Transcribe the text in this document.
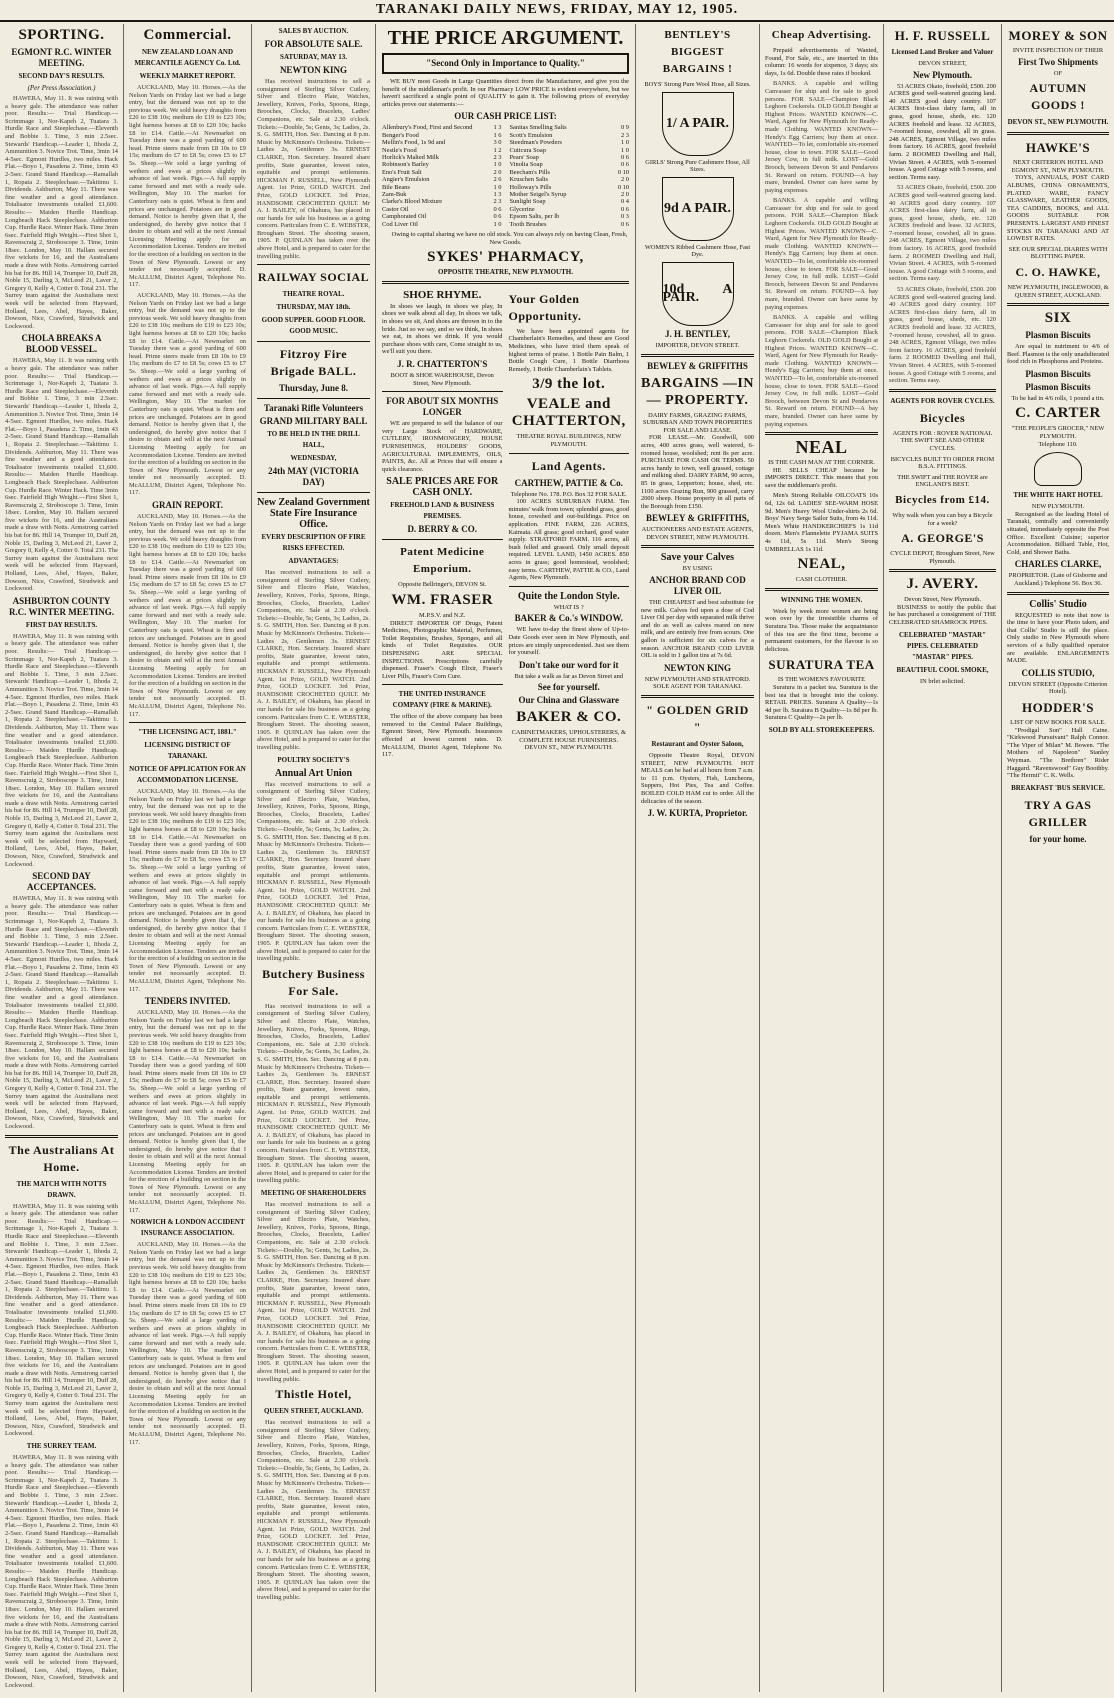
TARANAKI DAILY NEWS, FRIDAY, MAY 12, 1905.
SPORTING.
EGMONT R.C. WINTER MEETING.
SECOND DAY'S RESULTS.
(Per Press Association.)
HAWERA, May 11. It was raining with a heavy gale. The attendance was rather poor. Results:— Trial Handicap.—Scrimmage 1, Nor-Kapeh 2, Tuatara 3. Hurdle Race and Steeplechase.—Eleventh and Bobbie 1. Time, 3 min 2.5sec. Stewards' Handicap.—Leader 1, Ithoda 2, Ammunition 3. Novice Trot. Time, 3min 14 4-5sec. Egmont Hurdles, two miles. Hack Flat.—Boyo 1, Pasadena 2. Time, 1min 43 2-5sec. Grand Stand Handicap.—Ramallah 1, Ropata 2. Steeplechase.—Takitimu 1. Dividends. Ashburton, May 11. There was fine weather and a good attendance. Totalisator investments totalled £1,600. Results:— Maiden Hurdle Handicap. Longbeach Hack Steeplechase. Ashburton Cup. Hurdle Race. Winter Hack. Time 3min 6sec. Fairfield High Weight.—First Shot 1, Ravenscraig 2, Stroboscope 3. Time, 1min 18sec. London, May 10. Hallam secured five wickets for 16, and the Australians made a draw with Notts. Armstrong carried his bat for 86. Hill 14, Trumper 10, Duff 28, Noble 15, Darling 3, McLeod 21, Laver 2, Gregory 0, Kelly 4, Cotter 0. Total 231. The Surrey team against the Australians next week will be selected from Hayward, Holland, Lees, Abel, Hayes, Baker, Dowson, Nice, Crawford, Strudwick and Lockwood.
CHOLA BREAKS A BLOOD VESSEL.
HAWERA, May 11. It was raining with a heavy gale. The attendance was rather poor. Results:— Trial Handicap.—Scrimmage 1, Nor-Kapeh 2, Tuatara 3. Hurdle Race and Steeplechase.—Eleventh and Bobbie 1. Time, 3 min 2.5sec. Stewards' Handicap.—Leader 1, Ithoda 2, Ammunition 3. Novice Trot. Time, 3min 14 4-5sec. Egmont Hurdles, two miles. Hack Flat.—Boyo 1, Pasadena 2. Time, 1min 43 2-5sec. Grand Stand Handicap.—Ramallah 1, Ropata 2. Steeplechase.—Takitimu 1. Dividends. Ashburton, May 11. There was fine weather and a good attendance. Totalisator investments totalled £1,600. Results:— Maiden Hurdle Handicap. Longbeach Hack Steeplechase. Ashburton Cup. Hurdle Race. Winter Hack. Time 3min 6sec. Fairfield High Weight.—First Shot 1, Ravenscraig 2, Stroboscope 3. Time, 1min 18sec. London, May 10. Hallam secured five wickets for 16, and the Australians made a draw with Notts. Armstrong carried his bat for 86. Hill 14, Trumper 10, Duff 28, Noble 15, Darling 3, McLeod 21, Laver 2, Gregory 0, Kelly 4, Cotter 0. Total 231. The Surrey team against the Australians next week will be selected from Hayward, Holland, Lees, Abel, Hayes, Baker, Dowson, Nice, Crawford, Strudwick and Lockwood.
ASHBURTON COUNTY R.C. WINTER MEETING.
FIRST DAY RESULTS.
HAWERA, May 11. It was raining with a heavy gale. The attendance was rather poor. Results:— Trial Handicap.—Scrimmage 1, Nor-Kapeh 2, Tuatara 3. Hurdle Race and Steeplechase.—Eleventh and Bobbie 1. Time, 3 min 2.5sec. Stewards' Handicap.—Leader 1, Ithoda 2, Ammunition 3. Novice Trot. Time, 3min 14 4-5sec. Egmont Hurdles, two miles. Hack Flat.—Boyo 1, Pasadena 2. Time, 1min 43 2-5sec. Grand Stand Handicap.—Ramallah 1, Ropata 2. Steeplechase.—Takitimu 1. Dividends. Ashburton, May 11. There was fine weather and a good attendance. Totalisator investments totalled £1,600. Results:— Maiden Hurdle Handicap. Longbeach Hack Steeplechase. Ashburton Cup. Hurdle Race. Winter Hack. Time 3min 6sec. Fairfield High Weight.—First Shot 1, Ravenscraig 2, Stroboscope 3. Time, 1min 18sec. London, May 10. Hallam secured five wickets for 16, and the Australians made a draw with Notts. Armstrong carried his bat for 86. Hill 14, Trumper 10, Duff 28, Noble 15, Darling 3, McLeod 21, Laver 2, Gregory 0, Kelly 4, Cotter 0. Total 231. The Surrey team against the Australians next week will be selected from Hayward, Holland, Lees, Abel, Hayes, Baker, Dowson, Nice, Crawford, Strudwick and Lockwood.
SECOND DAY ACCEPTANCES.
HAWERA, May 11. It was raining with a heavy gale. The attendance was rather poor. Results:— Trial Handicap.—Scrimmage 1, Nor-Kapeh 2, Tuatara 3. Hurdle Race and Steeplechase.—Eleventh and Bobbie 1. Time, 3 min 2.5sec. Stewards' Handicap.—Leader 1, Ithoda 2, Ammunition 3. Novice Trot. Time, 3min 14 4-5sec. Egmont Hurdles, two miles. Hack Flat.—Boyo 1, Pasadena 2. Time, 1min 43 2-5sec. Grand Stand Handicap.—Ramallah 1, Ropata 2. Steeplechase.—Takitimu 1. Dividends. Ashburton, May 11. There was fine weather and a good attendance. Totalisator investments totalled £1,600. Results:— Maiden Hurdle Handicap. Longbeach Hack Steeplechase. Ashburton Cup. Hurdle Race. Winter Hack. Time 3min 6sec. Fairfield High Weight.—First Shot 1, Ravenscraig 2, Stroboscope 3. Time, 1min 18sec. London, May 10. Hallam secured five wickets for 16, and the Australians made a draw with Notts. Armstrong carried his bat for 86. Hill 14, Trumper 10, Duff 28, Noble 15, Darling 3, McLeod 21, Laver 2, Gregory 0, Kelly 4, Cotter 0. Total 231. The Surrey team against the Australians next week will be selected from Hayward, Holland, Lees, Abel, Hayes, Baker, Dowson, Nice, Crawford, Strudwick and Lockwood.
The Australians At Home.
THE MATCH WITH NOTTS DRAWN.
HAWERA, May 11. It was raining with a heavy gale. The attendance was rather poor. Results:— Trial Handicap.—Scrimmage 1, Nor-Kapeh 2, Tuatara 3. Hurdle Race and Steeplechase.—Eleventh and Bobbie 1. Time, 3 min 2.5sec. Stewards' Handicap.—Leader 1, Ithoda 2, Ammunition 3. Novice Trot. Time, 3min 14 4-5sec. Egmont Hurdles, two miles. Hack Flat.—Boyo 1, Pasadena 2. Time, 1min 43 2-5sec. Grand Stand Handicap.—Ramallah 1, Ropata 2. Steeplechase.—Takitimu 1. Dividends. Ashburton, May 11. There was fine weather and a good attendance. Totalisator investments totalled £1,600. Results:— Maiden Hurdle Handicap. Longbeach Hack Steeplechase. Ashburton Cup. Hurdle Race. Winter Hack. Time 3min 6sec. Fairfield High Weight.—First Shot 1, Ravenscraig 2, Stroboscope 3. Time, 1min 18sec. London, May 10. Hallam secured five wickets for 16, and the Australians made a draw with Notts. Armstrong carried his bat for 86. Hill 14, Trumper 10, Duff 28, Noble 15, Darling 3, McLeod 21, Laver 2, Gregory 0, Kelly 4, Cotter 0. Total 231. The Surrey team against the Australians next week will be selected from Hayward, Holland, Lees, Abel, Hayes, Baker, Dowson, Nice, Crawford, Strudwick and Lockwood.
THE SURREY TEAM.
HAWERA, May 11. It was raining with a heavy gale. The attendance was rather poor. Results:— Trial Handicap.—Scrimmage 1, Nor-Kapeh 2, Tuatara 3. Hurdle Race and Steeplechase.—Eleventh and Bobbie 1. Time, 3 min 2.5sec. Stewards' Handicap.—Leader 1, Ithoda 2, Ammunition 3. Novice Trot. Time, 3min 14 4-5sec. Egmont Hurdles, two miles. Hack Flat.—Boyo 1, Pasadena 2. Time, 1min 43 2-5sec. Grand Stand Handicap.—Ramallah 1, Ropata 2. Steeplechase.—Takitimu 1. Dividends. Ashburton, May 11. There was fine weather and a good attendance. Totalisator investments totalled £1,600. Results:— Maiden Hurdle Handicap. Longbeach Hack Steeplechase. Ashburton Cup. Hurdle Race. Winter Hack. Time 3min 6sec. Fairfield High Weight.—First Shot 1, Ravenscraig 2, Stroboscope 3. Time, 1min 18sec. London, May 10. Hallam secured five wickets for 16, and the Australians made a draw with Notts. Armstrong carried his bat for 86. Hill 14, Trumper 10, Duff 28, Noble 15, Darling 3, McLeod 21, Laver 2, Gregory 0, Kelly 4, Cotter 0. Total 231. The Surrey team against the Australians next week will be selected from Hayward, Holland, Lees, Abel, Hayes, Baker, Dowson, Nice, Crawford, Strudwick and Lockwood.
Commercial.
NEW ZEALAND LOAN AND MERCANTILE AGENCY Co. Ltd.
WEEKLY MARKET REPORT.
AUCKLAND, May 10. Horses.—As the Nelson Yards on Friday last we had a large entry, but the demand was not up to the previous week. We sold heavy draughts from £20 to £38 10s; medium do £19 to £23 10s; light harness horses at £8 to £20 10s; hacks £8 to £14. Cattle.—At Newmarket on Tuesday there was a good yarding of 600 head. Prime steers made from £8 10s to £9 15s; medium do £7 to £8 5s; cows £5 to £7 5s. Sheep.—We sold a large yarding of wethers and ewes at prices slightly in advance of last week. Pigs.—A full supply came forward and met with a ready sale. Wellington, May 10. The market for Canterbury oats is quiet. Wheat is firm and prices are unchanged. Potatoes are in good demand. Notice is hereby given that I, the undersigned, do hereby give notice that I desire to obtain and will at the next Annual Licensing Meeting apply for an Accommodation License. Tenders are invited for the erection of a building on section in the Town of New Plymouth. Lowest or any tender not necessarily accepted. D. McALLUM, District Agent, Telephone No. 117.
AUCKLAND, May 10. Horses.—As the Nelson Yards on Friday last we had a large entry, but the demand was not up to the previous week. We sold heavy draughts from £20 to £38 10s; medium do £19 to £23 10s; light harness horses at £8 to £20 10s; hacks £8 to £14. Cattle.—At Newmarket on Tuesday there was a good yarding of 600 head. Prime steers made from £8 10s to £9 15s; medium do £7 to £8 5s; cows £5 to £7 5s. Sheep.—We sold a large yarding of wethers and ewes at prices slightly in advance of last week. Pigs.—A full supply came forward and met with a ready sale. Wellington, May 10. The market for Canterbury oats is quiet. Wheat is firm and prices are unchanged. Potatoes are in good demand. Notice is hereby given that I, the undersigned, do hereby give notice that I desire to obtain and will at the next Annual Licensing Meeting apply for an Accommodation License. Tenders are invited for the erection of a building on section in the Town of New Plymouth. Lowest or any tender not necessarily accepted. D. McALLUM, District Agent, Telephone No. 117.
GRAIN REPORT.
AUCKLAND, May 10. Horses.—As the Nelson Yards on Friday last we had a large entry, but the demand was not up to the previous week. We sold heavy draughts from £20 to £38 10s; medium do £19 to £23 10s; light harness horses at £8 to £20 10s; hacks £8 to £14. Cattle.—At Newmarket on Tuesday there was a good yarding of 600 head. Prime steers made from £8 10s to £9 15s; medium do £7 to £8 5s; cows £5 to £7 5s. Sheep.—We sold a large yarding of wethers and ewes at prices slightly in advance of last week. Pigs.—A full supply came forward and met with a ready sale. Wellington, May 10. The market for Canterbury oats is quiet. Wheat is firm and prices are unchanged. Potatoes are in good demand. Notice is hereby given that I, the undersigned, do hereby give notice that I desire to obtain and will at the next Annual Licensing Meeting apply for an Accommodation License. Tenders are invited for the erection of a building on section in the Town of New Plymouth. Lowest or any tender not necessarily accepted. D. McALLUM, District Agent, Telephone No. 117.
"THE LICENSING ACT, 1881."
LICENSING DISTRICT OF TARANAKI.
NOTICE OF APPLICATION FOR AN ACCOMMODATION LICENSE.
AUCKLAND, May 10. Horses.—As the Nelson Yards on Friday last we had a large entry, but the demand was not up to the previous week. We sold heavy draughts from £20 to £38 10s; medium do £19 to £23 10s; light harness horses at £8 to £20 10s; hacks £8 to £14. Cattle.—At Newmarket on Tuesday there was a good yarding of 600 head. Prime steers made from £8 10s to £9 15s; medium do £7 to £8 5s; cows £5 to £7 5s. Sheep.—We sold a large yarding of wethers and ewes at prices slightly in advance of last week. Pigs.—A full supply came forward and met with a ready sale. Wellington, May 10. The market for Canterbury oats is quiet. Wheat is firm and prices are unchanged. Potatoes are in good demand. Notice is hereby given that I, the undersigned, do hereby give notice that I desire to obtain and will at the next Annual Licensing Meeting apply for an Accommodation License. Tenders are invited for the erection of a building on section in the Town of New Plymouth. Lowest or any tender not necessarily accepted. D. McALLUM, District Agent, Telephone No. 117.
TENDERS INVITED.
AUCKLAND, May 10. Horses.—As the Nelson Yards on Friday last we had a large entry, but the demand was not up to the previous week. We sold heavy draughts from £20 to £38 10s; medium do £19 to £23 10s; light harness horses at £8 to £20 10s; hacks £8 to £14. Cattle.—At Newmarket on Tuesday there was a good yarding of 600 head. Prime steers made from £8 10s to £9 15s; medium do £7 to £8 5s; cows £5 to £7 5s. Sheep.—We sold a large yarding of wethers and ewes at prices slightly in advance of last week. Pigs.—A full supply came forward and met with a ready sale. Wellington, May 10. The market for Canterbury oats is quiet. Wheat is firm and prices are unchanged. Potatoes are in good demand. Notice is hereby given that I, the undersigned, do hereby give notice that I desire to obtain and will at the next Annual Licensing Meeting apply for an Accommodation License. Tenders are invited for the erection of a building on section in the Town of New Plymouth. Lowest or any tender not necessarily accepted. D. McALLUM, District Agent, Telephone No. 117.
NORWICH & LONDON ACCIDENT INSURANCE ASSOCIATION.
AUCKLAND, May 10. Horses.—As the Nelson Yards on Friday last we had a large entry, but the demand was not up to the previous week. We sold heavy draughts from £20 to £38 10s; medium do £19 to £23 10s; light harness horses at £8 to £20 10s; hacks £8 to £14. Cattle.—At Newmarket on Tuesday there was a good yarding of 600 head. Prime steers made from £8 10s to £9 15s; medium do £7 to £8 5s; cows £5 to £7 5s. Sheep.—We sold a large yarding of wethers and ewes at prices slightly in advance of last week. Pigs.—A full supply came forward and met with a ready sale. Wellington, May 10. The market for Canterbury oats is quiet. Wheat is firm and prices are unchanged. Potatoes are in good demand. Notice is hereby given that I, the undersigned, do hereby give notice that I desire to obtain and will at the next Annual Licensing Meeting apply for an Accommodation License. Tenders are invited for the erection of a building on section in the Town of New Plymouth. Lowest or any tender not necessarily accepted. D. McALLUM, District Agent, Telephone No. 117.
SALES BY AUCTION.
FOR ABSOLUTE SALE.
SATURDAY, MAY 13.
NEWTON KING
Has received instructions to sell a consignment of Sterling Silver Cutlery, Silver and Electro Plate, Watches, Jewellery, Knives, Forks, Spoons, Rings, Brooches, Clocks, Bracelets, Ladies' Companions, etc. Sale at 2.30 o'clock. Tickets:—Double, 5s; Gents, 3s; Ladies, 2s. S. G. SMITH, Hon. Sec. Dancing at 8 p.m. Music by McKinnon's Orchestra. Tickets—Ladies 2s, Gentlemen 3s. ERNEST CLARKE, Hon. Secretary. Insured share profits, State guarantee, lowest rates, equitable and prompt settlements. HICKMAN F. RUSSELL, New Plymouth Agent. 1st Prize, GOLD WATCH. 2nd Prize, GOLD LOCKET. 3rd Prize, HANDSOME CROCHETED QUILT. Mr A. J. BAILEY, of Okahura, has placed in our hands for sale his business as a going concern. Particulars from C. E. WEBSTER, Brougham Street. The shooting season, 1905. P. QUINLAN has taken over the above Hotel, and is prepared to cater for the travelling public.
RAILWAY SOCIAL
THEATRE ROYAL.
THURSDAY, MAY 18th.
GOOD SUPPER. GOOD FLOOR. GOOD MUSIC.
Fitzroy Fire Brigade BALL.
Thursday, June 8.
Taranaki Rifle Volunteers
GRAND MILITARY BALL
TO BE HELD IN THE DRILL HALL,
WEDNESDAY,
24th MAY (VICTORIA DAY)
New Zealand Government State Fire Insurance Office.
EVERY DESCRIPTION OF FIRE RISKS EFFECTED.
ADVANTAGES:
Has received instructions to sell a consignment of Sterling Silver Cutlery, Silver and Electro Plate, Watches, Jewellery, Knives, Forks, Spoons, Rings, Brooches, Clocks, Bracelets, Ladies' Companions, etc. Sale at 2.30 o'clock. Tickets:—Double, 5s; Gents, 3s; Ladies, 2s. S. G. SMITH, Hon. Sec. Dancing at 8 p.m. Music by McKinnon's Orchestra. Tickets—Ladies 2s, Gentlemen 3s. ERNEST CLARKE, Hon. Secretary. Insured share profits, State guarantee, lowest rates, equitable and prompt settlements. HICKMAN F. RUSSELL, New Plymouth Agent. 1st Prize, GOLD WATCH. 2nd Prize, GOLD LOCKET. 3rd Prize, HANDSOME CROCHETED QUILT. Mr A. J. BAILEY, of Okahura, has placed in our hands for sale his business as a going concern. Particulars from C. E. WEBSTER, Brougham Street. The shooting season, 1905. P. QUINLAN has taken over the above Hotel, and is prepared to cater for the travelling public.
POULTRY SOCIETY'S
Annual Art Union
Has received instructions to sell a consignment of Sterling Silver Cutlery, Silver and Electro Plate, Watches, Jewellery, Knives, Forks, Spoons, Rings, Brooches, Clocks, Bracelets, Ladies' Companions, etc. Sale at 2.30 o'clock. Tickets:—Double, 5s; Gents, 3s; Ladies, 2s. S. G. SMITH, Hon. Sec. Dancing at 8 p.m. Music by McKinnon's Orchestra. Tickets—Ladies 2s, Gentlemen 3s. ERNEST CLARKE, Hon. Secretary. Insured share profits, State guarantee, lowest rates, equitable and prompt settlements. HICKMAN F. RUSSELL, New Plymouth Agent. 1st Prize, GOLD WATCH. 2nd Prize, GOLD LOCKET. 3rd Prize, HANDSOME CROCHETED QUILT. Mr A. J. BAILEY, of Okahura, has placed in our hands for sale his business as a going concern. Particulars from C. E. WEBSTER, Brougham Street. The shooting season, 1905. P. QUINLAN has taken over the above Hotel, and is prepared to cater for the travelling public.
Butchery Business For Sale.
Has received instructions to sell a consignment of Sterling Silver Cutlery, Silver and Electro Plate, Watches, Jewellery, Knives, Forks, Spoons, Rings, Brooches, Clocks, Bracelets, Ladies' Companions, etc. Sale at 2.30 o'clock. Tickets:—Double, 5s; Gents, 3s; Ladies, 2s. S. G. SMITH, Hon. Sec. Dancing at 8 p.m. Music by McKinnon's Orchestra. Tickets—Ladies 2s, Gentlemen 3s. ERNEST CLARKE, Hon. Secretary. Insured share profits, State guarantee, lowest rates, equitable and prompt settlements. HICKMAN F. RUSSELL, New Plymouth Agent. 1st Prize, GOLD WATCH. 2nd Prize, GOLD LOCKET. 3rd Prize, HANDSOME CROCHETED QUILT. Mr A. J. BAILEY, of Okahura, has placed in our hands for sale his business as a going concern. Particulars from C. E. WEBSTER, Brougham Street. The shooting season, 1905. P. QUINLAN has taken over the above Hotel, and is prepared to cater for the travelling public.
MEETING OF SHAREHOLDERS
Has received instructions to sell a consignment of Sterling Silver Cutlery, Silver and Electro Plate, Watches, Jewellery, Knives, Forks, Spoons, Rings, Brooches, Clocks, Bracelets, Ladies' Companions, etc. Sale at 2.30 o'clock. Tickets:—Double, 5s; Gents, 3s; Ladies, 2s. S. G. SMITH, Hon. Sec. Dancing at 8 p.m. Music by McKinnon's Orchestra. Tickets—Ladies 2s, Gentlemen 3s. ERNEST CLARKE, Hon. Secretary. Insured share profits, State guarantee, lowest rates, equitable and prompt settlements. HICKMAN F. RUSSELL, New Plymouth Agent. 1st Prize, GOLD WATCH. 2nd Prize, GOLD LOCKET. 3rd Prize, HANDSOME CROCHETED QUILT. Mr A. J. BAILEY, of Okahura, has placed in our hands for sale his business as a going concern. Particulars from C. E. WEBSTER, Brougham Street. The shooting season, 1905. P. QUINLAN has taken over the above Hotel, and is prepared to cater for the travelling public.
Thistle Hotel,
QUEEN STREET, AUCKLAND.
Has received instructions to sell a consignment of Sterling Silver Cutlery, Silver and Electro Plate, Watches, Jewellery, Knives, Forks, Spoons, Rings, Brooches, Clocks, Bracelets, Ladies' Companions, etc. Sale at 2.30 o'clock. Tickets:—Double, 5s; Gents, 3s; Ladies, 2s. S. G. SMITH, Hon. Sec. Dancing at 8 p.m. Music by McKinnon's Orchestra. Tickets—Ladies 2s, Gentlemen 3s. ERNEST CLARKE, Hon. Secretary. Insured share profits, State guarantee, lowest rates, equitable and prompt settlements. HICKMAN F. RUSSELL, New Plymouth Agent. 1st Prize, GOLD WATCH. 2nd Prize, GOLD LOCKET. 3rd Prize, HANDSOME CROCHETED QUILT. Mr A. J. BAILEY, of Okahura, has placed in our hands for sale his business as a going concern. Particulars from C. E. WEBSTER, Brougham Street. The shooting season, 1905. P. QUINLAN has taken over the above Hotel, and is prepared to cater for the travelling public.
THE PRICE ARGUMENT.
"Second Only in Importance to Quality."
WE BUY most Goods in Large Quantities direct from the Manufacturer, and give you the benefit of the middleman's profit. In our Pharmacy LOW PRICE is evident everywhere, but we haven't sacrificed a single point of QUALITY to gain it. The following prices of everyday articles prove our statements:—
OUR CASH PRICE LIST:
Allenbury's Food, First and Second	1 3 Sanitas Smelling Salts	0 9
Benger's Food	1 6 Scott's Emulsion	2 3
Mellin's Food, 1s 9d and	3 0 Steedman's Powders	1 0
Nestle's Food	1 2 Cuticura Soap	1 0
Horlick's Malted Milk	2 3 Pears' Soap	0 6
Robinson's Barley	1 0 Vinolia Soap	0 6
Eno's Fruit Salt	2 0 Beecham's Pills	0 10
Angier's Emulsion	2 6 Kruschen Salts	2 0
Bile Beans	1 0 Holloway's Pills	0 10
Zam-Buk	1 3 Mother Seigel's Syrup	2 0
Clarke's Blood Mixture	2 3 Sunlight Soap	0 4
Castor Oil	0 6 Glycerine	0 6
Camphorated Oil	0 6 Epsom Salts, per lb	0 3
Cod Liver Oil	1 0 Tooth Brushes	0 6
Owing to capital sharing we have no old stock. You can always rely on having Clean, Fresh, New Goods.
SYKES' PHARMACY,
OPPOSITE THEATRE, NEW PLYMOUTH.
SHOE RHYME.
In shoes we laugh, in shoes we play, In shoes we walk about all day, In shoes we talk, in shoes we sit, And shoes are thrown in to the bride. Just so we say, and so we think, In shoes we eat, in shoes we drink. If you would purchase shoes with care, Come straight to us, we'll suit you there.
J. R. CHATTERTON'S
BOOT & SHOE WAREHOUSE, Devon Street, New Plymouth.
FOR ABOUT SIX MONTHS LONGER
WE are prepared to sell the balance of our very Large Stock of HARDWARE, CUTLERY, IRONMONGERY, HOUSE FURNISHINGS, HOLDERS' GOODS, AGRICULTURAL IMPLEMENTS, OILS, PAINTS, &c. All at Prices that will ensure a quick clearance.
SALE PRICES ARE FOR CASH ONLY.
FREEHOLD LAND & BUSINESS PREMISES.
D. BERRY & CO.
Patent Medicine Emporium.
Opposite Bellringer's, DEVON St.
WM. FRASER
M.P.S.V. and N.Z.
DIRECT IMPORTER OF Drugs, Patent Medicines, Photographic Material, Perfumes, Toilet Requisites, Brushes, Sponges, and all kinds of Toilet Requisites. OUR DISPENSING ARE SPECIAL INSPECTIONS. Prescriptions carefully dispensed. Fraser's Cough Elixir, Fraser's Liver Pills, Fraser's Corn Cure.
THE UNITED INSURANCE COMPANY (FIRE & MARINE).
The office of the above company has been removed to the Central Palace Buildings, Egmont Street, New Plymouth. Insurances effected at lowest current rates. D. McALLUM, District Agent, Telephone No. 117.
Your Golden Opportunity.
We have been appointed agents for Chamberlain's Remedies, and these are Good Medicines, who have tried them speak of highest terms of praise. 1 Bottle Pain Balm, 1 Bottle Cough Cure, 1 Bottle Diarrhoea Remedy, 1 Bottle Chamberlain's Tablets.
3/9 the lot.
VEALE and CHATTERTON,
THEATRE ROYAL BUILDINGS, NEW PLYMOUTH.
Land Agents.
CARTHEW, PATTIE & Co.
Telephone No. 178. P.O. Box 32 FOR SALE.
100 ACRES SUBURBAN FARM. Ten minutes' walk from town; splendid grass, good house, cowshed and out-buildings. Price on application. FINE FARM, 226 ACRES, Kaimata. All grass; good orchard, good water supply. STRATFORD FARM. 116 acres, all bush felled and grassed. Only small deposit required. LEVEL LAND, 1450 ACRES. 850 acres in grass; good homestead, woolshed; easy terms. CARTHEW, PATTIE & CO., Land Agents, New Plymouth.
Quite the London Style.
WHAT IS ?
BAKER & Co.'s WINDOW.
WE have to-day the finest show of Up-to-Date Goods ever seen in New Plymouth, and prices are simply unprecedented. Just see them for yourself.
Don't take our word for it
But take a walk as far as Devon Street and
See for yourself.
Our China and Glassware
BAKER & CO.
CABINETMAKERS, UPHOLSTERERS, & COMPLETE HOUSE FURNISHERS. DEVON ST., NEW PLYMOUTH.
BENTLEY'S BIGGEST BARGAINS !
BOYS' Strong Pure Wool Hose, all Sizes.
1/ A PAIR.
GIRLS' Strong Pure Cashmere Hose, All Sizes.
9d A PAIR.
WOMEN'S Ribbed Cashmere Hose, Fast Dye.
10d A PAIR.
J. H. BENTLEY,
IMPORTER, DEVON STREET.
BEWLEY & GRIFFITHS
BARGAINS —IN— PROPERTY.
DAIRY FARMS, GRAZING FARMS, SUBURBAN AND TOWN PROPERTIES FOR SALE AND LEASE.
FOR LEASE.—Mr. Goodwill, 600 acres, 400 acres grass, well watered, 6-roomed house, woolshed; rent 8s per acre. PURCHASE FOR CASH OR TERMS. 50 acres handy to town, well grassed, cottage and milking shed. DAIRY FARM, 90 acres, 85 in grass, Lepperton; house, shed, etc. 1100 acres Grazing Run, 900 grassed, carry 2000 sheep. House property in all parts of the Borough from £150.
BEWLEY & GRIFFITHS,
AUCTIONEERS AND ESTATE AGENTS, DEVON STREET, NEW PLYMOUTH.
Save your Calves
BY USING
ANCHOR BRAND COD LIVER OIL
THE CHEAPEST and best substitute for new milk. Calves fed upon a dose of Cod Liver Oil per day with separated milk thrive and do as well as calves reared on new milk, and are entirely free from scours. One gallon is sufficient for six calves for a season. ANCHOR BRAND COD LIVER OIL is sold in 1 gallon tins at 7s 6d.
NEWTON KING
NEW PLYMOUTH AND STRATFORD. SOLE AGENT FOR TARANAKI.
" GOLDEN GRID "
Restaurant and Oyster Saloon,
Opposite Theatre Royal, DEVON STREET, NEW PLYMOUTH. HOT MEALS can be had at all hours from 7 a.m. to 11 p.m. Oysters, Fish, Luncheons, Suppers, Hot Pies, Tea and Coffee. BOILED COLD HAM cut to order. All the delicacies of the season.
J. W. KURTA, Proprietor.
Cheap Advertising.
Prepaid advertisements of Wanted, Found, For Sale, etc., are inserted in this column: 16 words for sixpence, 3 days; six days, 1s 6d. Double these rates if booked.
BANKS. A capable and willing Canvasser for ship and for sale to good persons. FOR SALE—Champion Black Leghorn Cockerels. OLD GOLD Bought at Highest Prices. WANTED KNOWN—C. Ward, Agent for New Plymouth for Ready-made Clothing. WANTED KNOWN—Hendy's Egg Carriers; buy them at once. WANTED—To let, comfortable six-roomed house, close to town. FOR SALE—Good Jersey Cow, in full milk. LOST—Gold Brooch, between Devon St and Pendarves St. Reward on return. FOUND—A bay mare, branded. Owner can have same by paying expenses.
BANKS. A capable and willing Canvasser for ship and for sale to good persons. FOR SALE—Champion Black Leghorn Cockerels. OLD GOLD Bought at Highest Prices. WANTED KNOWN—C. Ward, Agent for New Plymouth for Ready-made Clothing. WANTED KNOWN—Hendy's Egg Carriers; buy them at once. WANTED—To let, comfortable six-roomed house, close to town. FOR SALE—Good Jersey Cow, in full milk. LOST—Gold Brooch, between Devon St and Pendarves St. Reward on return. FOUND—A bay mare, branded. Owner can have same by paying expenses.
BANKS. A capable and willing Canvasser for ship and for sale to good persons. FOR SALE—Champion Black Leghorn Cockerels. OLD GOLD Bought at Highest Prices. WANTED KNOWN—C. Ward, Agent for New Plymouth for Ready-made Clothing. WANTED KNOWN—Hendy's Egg Carriers; buy them at once. WANTED—To let, comfortable six-roomed house, close to town. FOR SALE—Good Jersey Cow, in full milk. LOST—Gold Brooch, between Devon St and Pendarves St. Reward on return. FOUND—A bay mare, branded. Owner can have same by paying expenses.
NEAL
IS THE CASH MAN AT THE CORNER.
HE SELLS CHEAP because he IMPORTS DIRECT. This means that you save the middleman's profit.
Men's Strong Reliable OILCOATS 10s 6d, 12s 6d. LADIES' SEE-WARM HOSE 9d. Men's Heavy Wool Under-shirts 2s 6d. Boys' Navy Serge Sailor Suits, from 4s 11d. Men's White HANDKERCHIEFS 1s 11d dozen. Men's Flannelette PYJAMA SUITS 4s 11d, 5s 11d. Men's Strong UMBRELLAS 1s 11d.
NEAL,
CASH CLOTHIER.
WINNING THE WOMEN.
Week by week more women are being won over by the irresistible charms of Suratura Tea. Those make the acquaintance of this tea are the first time, become a permanent customers, for the flavour is so delicious.
SURATURA TEA
IS THE WOMEN'S FAVOURITE
Suratura in a packet tea. Suratura is the best tea that is brought into the colony. RETAIL PRICES. Suratura A Quality—1s 4d per lb. Suratura B Quality—1s 8d per lb. Suratura C Quality—2s per lb.
SOLD BY ALL STOREKEEPERS.
H. F. RUSSELL
Licensed Land Broker and Valuer
DEVON STREET,
New Plymouth.
53 ACRES Okato, freehold, £500. 200 ACRES good well-watered grazing land. 40 ACRES good dairy country. 107 ACRES first-class dairy farm, all in grass, good house, sheds, etc. 120 ACRES freehold and lease. 32 ACRES, 7-roomed house, cowshed, all in grass. 248 ACRES, Egmont Village, two miles from factory. 16 ACRES, good freehold farm. 2 ROOMED Dwelling and Hall, Vivian Street. 4 ACRES, with 5-roomed house. A good Cottage with 5 rooms, and section. Terms easy.
53 ACRES Okato, freehold, £500. 200 ACRES good well-watered grazing land. 40 ACRES good dairy country. 107 ACRES first-class dairy farm, all in grass, good house, sheds, etc. 120 ACRES freehold and lease. 32 ACRES, 7-roomed house, cowshed, all in grass. 248 ACRES, Egmont Village, two miles from factory. 16 ACRES, good freehold farm. 2 ROOMED Dwelling and Hall, Vivian Street. 4 ACRES, with 5-roomed house. A good Cottage with 5 rooms, and section. Terms easy.
53 ACRES Okato, freehold, £500. 200 ACRES good well-watered grazing land. 40 ACRES good dairy country. 107 ACRES first-class dairy farm, all in grass, good house, sheds, etc. 120 ACRES freehold and lease. 32 ACRES, 7-roomed house, cowshed, all in grass. 248 ACRES, Egmont Village, two miles from factory. 16 ACRES, good freehold farm. 2 ROOMED Dwelling and Hall, Vivian Street. 4 ACRES, with 5-roomed house. A good Cottage with 5 rooms, and section. Terms easy.
AGENTS FOR ROVER CYCLES.
Bicycles
AGENTS FOR : ROVER NATIONAL THE SWIFT SEE AND OTHER CYCLES.
BICYCLES BUILT TO ORDER FROM B.S.A. FITTINGS.
THE SWIFT and THE ROVER are ENGLAND'S BEST.
Bicycles from £14.
Why walk when you can buy a Bicycle for a week?
A. GEORGE'S
CYCLE DEPOT, Brougham Street, New Plymouth.
J. AVERY.
Devon Street, New Plymouth.
BUSINESS to notify the public that he has purchased a consignment of THE CELEBRATED SHAMROCK PIPES.
CELEBRATED "MASTAR" PIPES. CELEBRATED "MASTAR" PIPES.
BEAUTIFUL COOL SMOKE,
IN brlet solicited.
MOREY & SON
INVITE INSPECTION OF THEIR
First Two Shipments
OF
AUTUMN GOODS !
DEVON ST., NEW PLYMOUTH.
HAWKE'S
NEXT CRITERION HOTEL AND EGMONT ST., NEW PLYMOUTH.
TOYS, ANNUALS, POST CARD ALBUMS, CHINA ORNAMENTS, PLATED WARE, FANCY GLASSWARE, LEATHER GOODS, TEA CADDIES, BOOKS, and ALL GOODS SUITABLE FOR PRESENTS. LARGEST AND FINEST STOCKS IN TARANAKI AND AT LOWEST RATES.
SEE OUR SPECIAL DIARIES WITH BLOTTING PAPER.
C. O. HAWKE,
NEW PLYMOUTH, INGLEWOOD, & QUEEN STREET, AUCKLAND.
SIX
Plasmon Biscuits
Are equal in nutriment to 4/6 of Beef. Plasmon is the only unadulterated food rich in Phosphorus and Proteins.
Plasmon Biscuits
Plasmon Biscuits
To be had in 4/6 rolls, 1 pound a tin.
C. CARTER
"THE PEOPLE'S GROCER," NEW PLYMOUTH.
Telephone 110.
THE WHITE HART HOTEL
NEW PLYMOUTH.
Recognised as the leading Hotel of Taranaki, centrally and conveniently situated, immediately opposite the Post Office. Excellent Cuisine; superior Accommodation. Billiard Table, Hot, Cold, and Shower Baths.
CHARLES CLARKE,
PROPRIETOR. (Late of Gisborne and Auckland.) Telephone 56. Box 36.
Collis' Studio
REQUESTED to note that now is the time to have your Photo taken, and that Collis' Studio is still the place. Only studio in New Plymouth where services of a fully qualified operator are available. ENLARGEMENTS MADE.
COLLIS STUDIO,
DEVON STREET (Opposite Criterion Hotel).
HODDER'S
LIST OF NEW BOOKS FOR SALE.
"Prodigal Son" Hall Caine. "Kirkwood Pursuivant" Ralph Connor. "The Viper of Milan" M. Bowen. "The Mothers of Napoleon" Stanley Weyman. "The Brethren" Rider Haggard. "Ravenswood" Guy Boothby. "The Hermit" C. K. Wells.
BREAKFAST 'BUS SERVICE.
TRY A GAS GRILLER
for your home.
